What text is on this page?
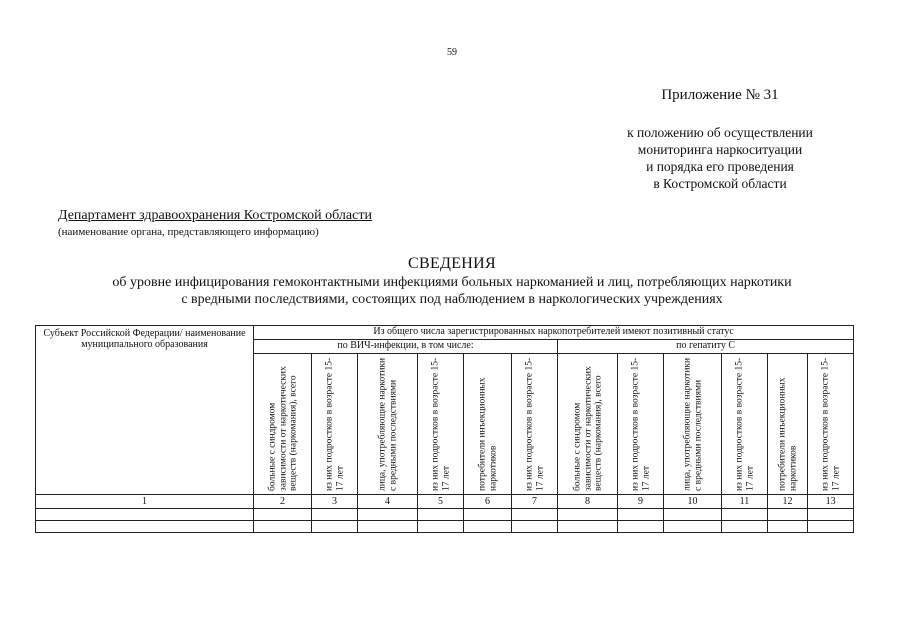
59
Приложение № 31
к положению об осуществлении
мониторинга наркоситуации
и порядка его проведения
в Костромской области
Департамент здравоохранения Костромской области
(наименование органа, представляющего информацию)
СВЕДЕНИЯ
об уровне инфицирования гемоконтактными инфекциями больных наркоманией и лиц, потребляющих наркотики
с вредными последствиями, состоящих под наблюдением в наркологических учреждениях
Субъект Российской Федерации/ наименование муниципального образования	Из общего числа зарегистрированных наркопотребителей имеют позитивный статус											
	по ВИЧ-инфекции, в том числе:						по гепатиту С					

	больные с синдромом зависимости от наркотических веществ (наркомания), всего	из них подростков в возрасте 15-17 лет	лица, употребляющие наркотики с вредными последствиями	из них подростков в возрасте 15-17 лет	потребители инъекционных наркотиков	из них подростков в возрасте 15-17 лет	больные с синдромом зависимости от наркотических веществ (наркомания), всего	из них подростков в возрасте 15-17 лет	лица, употребляющие наркотики с вредными последствиями	из них подростков в возрасте 15-17 лет	потребители инъекционных наркотиков	из них подростков в возрасте 15-17 лет

1	2	3	4	5	6	7	8	9	10	11	12	13
